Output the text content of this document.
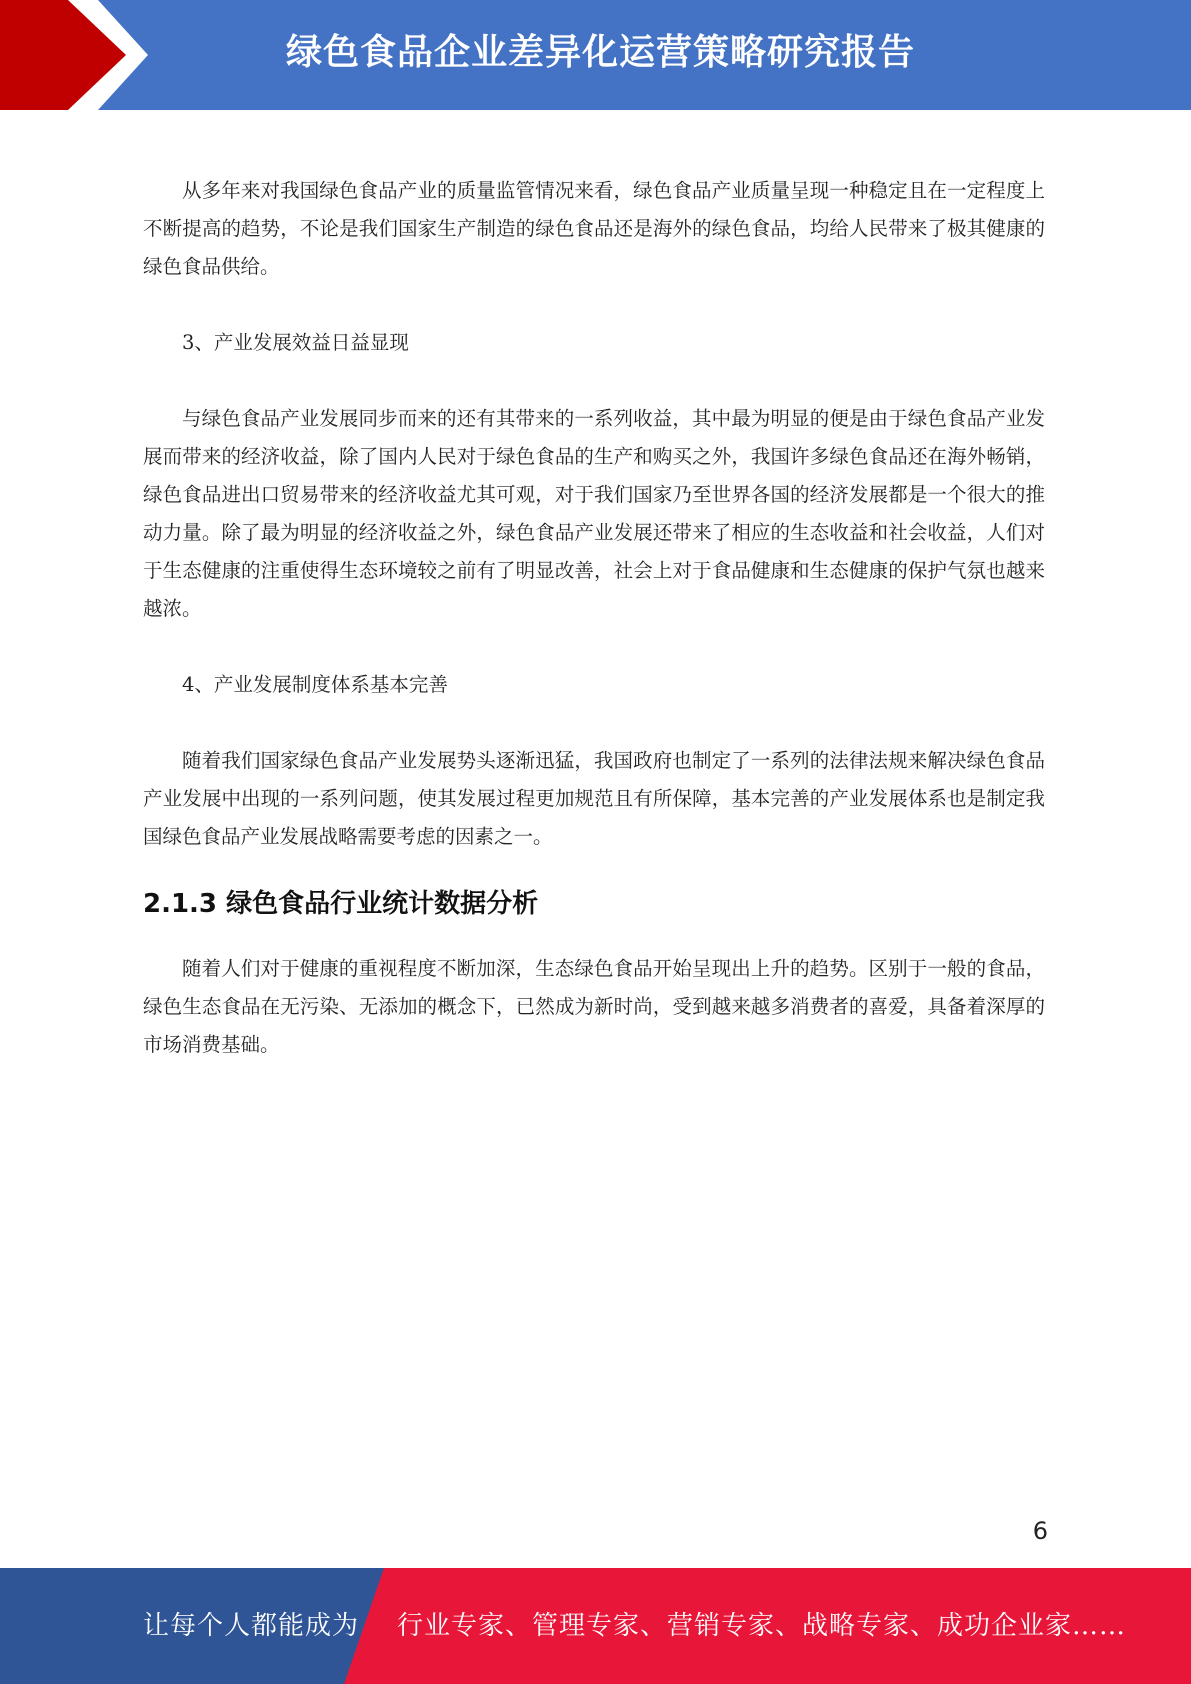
绿色食品企业差异化运营策略研究报告

从多年来对我国绿色食品产业的质量监管情况来看，绿色食品产业质量呈现一种稳定且在一定程度上不断提高的趋势，不论是我们国家生产制造的绿色食品还是海外的绿色食品，均给人民带来了极其健康的绿色食品供给。

3、产业发展效益日益显现

与绿色食品产业发展同步而来的还有其带来的一系列收益，其中最为明显的便是由于绿色食品产业发展而带来的经济收益，除了国内人民对于绿色食品的生产和购买之外，我国许多绿色食品还在海外畅销，绿色食品进出口贸易带来的经济收益尤其可观，对于我们国家乃至世界各国的经济发展都是一个很大的推动力量。除了最为明显的经济收益之外，绿色食品产业发展还带来了相应的生态收益和社会收益，人们对于生态健康的注重使得生态环境较之前有了明显改善，社会上对于食品健康和生态健康的保护气氛也越来越浓。

4、产业发展制度体系基本完善

随着我们国家绿色食品产业发展势头逐渐迅猛，我国政府也制定了一系列的法律法规来解决绿色食品产业发展中出现的一系列问题，使其发展过程更加规范且有所保障，基本完善的产业发展体系也是制定我国绿色食品产业发展战略需要考虑的因素之一。

2.1.3 绿色食品行业统计数据分析

随着人们对于健康的重视程度不断加深，生态绿色食品开始呈现出上升的趋势。区别于一般的食品，绿色生态食品在无污染、无添加的概念下，已然成为新时尚，受到越来越多消费者的喜爱，具备着深厚的市场消费基础。

6
让每个人都能成为 行业专家、管理专家、营销专家、战略专家、成功企业家……
